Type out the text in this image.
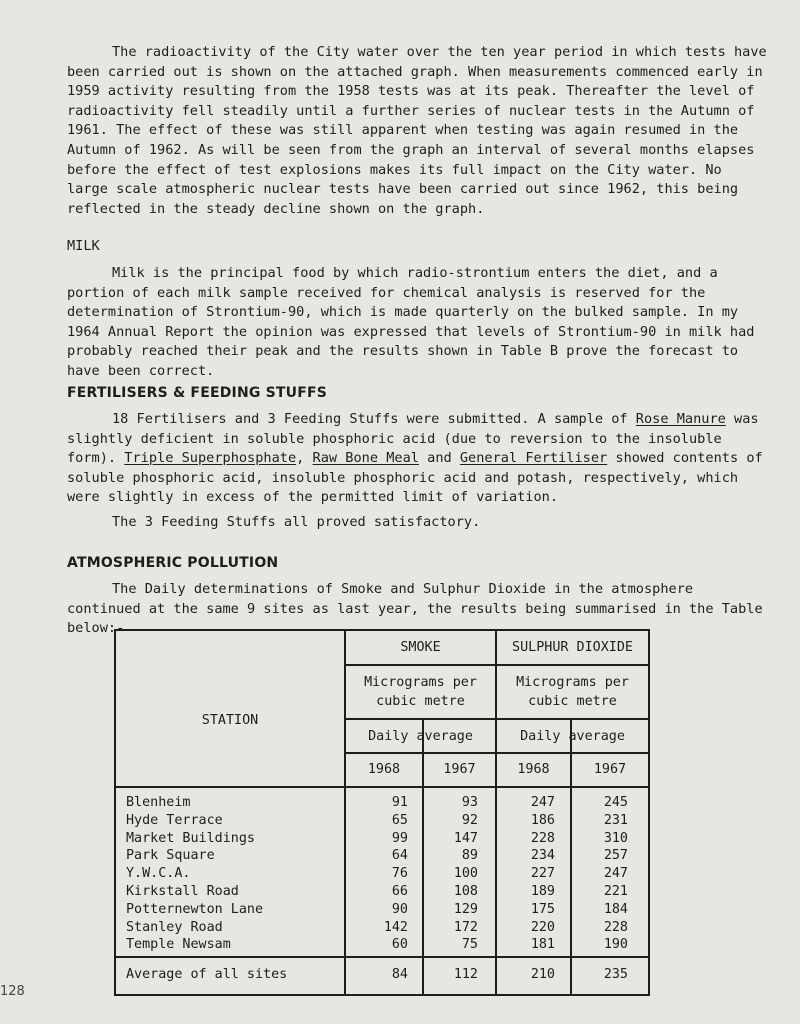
The radioactivity of the City water over the ten year period in which tests have been carried out is shown on the attached graph. When measurements commenced early in 1959 activity resulting from the 1958 tests was at its peak. Thereafter the level of radioactivity fell steadily until a further series of nuclear tests in the Autumn of 1961. The effect of these was still apparent when testing was again resumed in the Autumn of 1962. As will be seen from the graph an interval of several months elapses before the effect of test explosions makes its full impact on the City water. No large scale atmospheric nuclear tests have been carried out since 1962, this being reflected in the steady decline shown on the graph.

MILK

Milk is the principal food by which radio-strontium enters the diet, and a portion of each milk sample received for chemical analysis is reserved for the determination of Strontium-90, which is made quarterly on the bulked sample. In my 1964 Annual Report the opinion was expressed that levels of Strontium-90 in milk had probably reached their peak and the results shown in Table B prove the forecast to have been correct.

FERTILISERS & FEEDING STUFFS

18 Fertilisers and 3 Feeding Stuffs were submitted. A sample of Rose Manure was slightly deficient in soluble phosphoric acid (due to reversion to the insoluble form). Triple Superphosphate, Raw Bone Meal and General Fertiliser showed contents of soluble phosphoric acid, insoluble phosphoric acid and potash, respectively, which were slightly in excess of the permitted limit of variation.

The 3 Feeding Stuffs all proved satisfactory.

ATMOSPHERIC POLLUTION

The Daily determinations of Smoke and Sulphur Dioxide in the atmosphere continued at the same 9 sites as last year, the results being summarised in the Table below:-

STATION
SMOKE	SULPHUR DIOXIDE
Micrograms per
cubic metre
Micrograms per
cubic metre
Daily average	Daily average
1968	1967	1968	1967
Blenheim	91	93	247	245
Hyde Terrace	65	92	186	231
Market Buildings	99	147	228	310
Park Square	64	89	234	257
Y.W.C.A.	76	100	227	247
Kirkstall Road	66	108	189	221
Potternewton Lane	90	129	175	184
Stanley Road	142	172	220	228
Temple Newsam	60	75	181	190
Average of all sites	84	112	210	235
128
